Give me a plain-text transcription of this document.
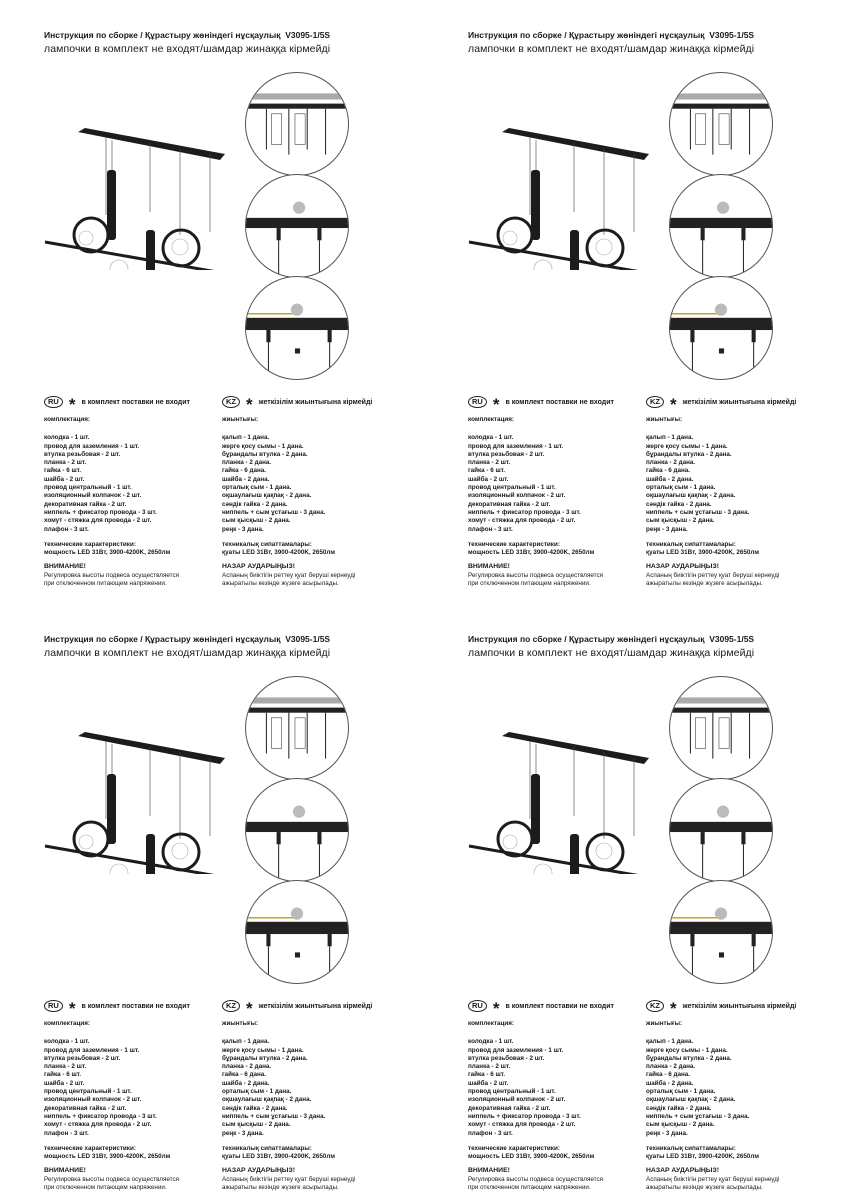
Инструкция по сборке / Құрастыру жөніндегі нұсқаулық V3095-1/5S
лампочки в комплект не входят/шамдар жинаққа кірмейді
RU * в комплект поставки не входит	KZ * жеткізілім жиынтығына кірмейді
комплектация:
колодка - 1 шт.
провод для заземления - 1 шт.
втулка резьбовая - 2 шт.
планка - 2 шт.
гайка - 6 шт.
шайба - 2 шт.
провод центральный - 1 шт.
изоляционный колпачок - 2 шт.
декоративная гайка - 2 шт.
ниппель + фиксатор провода - 3 шт.
хомут - стяжка для провода - 2 шт.
плафон - 3 шт.
технические характеристики:
мощность LED 31Вт, 3900-4200K, 2650лм
ВНИМАНИЕ!
Регулировка высоты подвеса осуществляется
при отключенном питающем напряжении.
жиынтығы:
қалып - 1 дана.
жерге қосу сымы - 1 дана.
бұрандалы втулка - 2 дана.
планка - 2 дана.
гайка - 6 дана.
шайба - 2 дана.
орталық сым - 1 дана.
оқшаулағыш қақпақ - 2 дана.
сәндік гайка - 2 дана.
ниппель + сым ұстағыш - 3 дана.
сым қысқыш - 2 дана.
реңк - 3 дана.
техникалық сипаттамалары:
қуаты LED 31Вт, 3900-4200K, 2650лм
НАЗАР АУДАРЫҢЫЗ!
Аспаның биіктігін реттеу қуат беруші кернеуді
ажыратылы кезінде жүзеге асырылады.
Инструкция по сборке / Құрастыру жөніндегі нұсқаулық V3095-1/5S
лампочки в комплект не входят/шамдар жинаққа кірмейді
RU * в комплект поставки не входит	KZ * жеткізілім жиынтығына кірмейді
комплектация:
колодка - 1 шт.
провод для заземления - 1 шт.
втулка резьбовая - 2 шт.
планка - 2 шт.
гайка - 6 шт.
шайба - 2 шт.
провод центральный - 1 шт.
изоляционный колпачок - 2 шт.
декоративная гайка - 2 шт.
ниппель + фиксатор провода - 3 шт.
хомут - стяжка для провода - 2 шт.
плафон - 3 шт.
технические характеристики:
мощность LED 31Вт, 3900-4200K, 2650лм
ВНИМАНИЕ!
Регулировка высоты подвеса осуществляется
при отключенном питающем напряжении.
жиынтығы:
қалып - 1 дана.
жерге қосу сымы - 1 дана.
бұрандалы втулка - 2 дана.
планка - 2 дана.
гайка - 6 дана.
шайба - 2 дана.
орталық сым - 1 дана.
оқшаулағыш қақпақ - 2 дана.
сәндік гайка - 2 дана.
ниппель + сым ұстағыш - 3 дана.
сым қысқыш - 2 дана.
реңк - 3 дана.
техникалық сипаттамалары:
қуаты LED 31Вт, 3900-4200K, 2650лм
НАЗАР АУДАРЫҢЫЗ!
Аспаның биіктігін реттеу қуат беруші кернеуді
ажыратылы кезінде жүзеге асырылады.
Инструкция по сборке / Құрастыру жөніндегі нұсқаулық V3095-1/5S
лампочки в комплект не входят/шамдар жинаққа кірмейді
RU * в комплект поставки не входит	KZ * жеткізілім жиынтығына кірмейді
комплектация:
колодка - 1 шт.
провод для заземления - 1 шт.
втулка резьбовая - 2 шт.
планка - 2 шт.
гайка - 6 шт.
шайба - 2 шт.
провод центральный - 1 шт.
изоляционный колпачок - 2 шт.
декоративная гайка - 2 шт.
ниппель + фиксатор провода - 3 шт.
хомут - стяжка для провода - 2 шт.
плафон - 3 шт.
технические характеристики:
мощность LED 31Вт, 3900-4200K, 2650лм
ВНИМАНИЕ!
Регулировка высоты подвеса осуществляется
при отключенном питающем напряжении.
жиынтығы:
қалып - 1 дана.
жерге қосу сымы - 1 дана.
бұрандалы втулка - 2 дана.
планка - 2 дана.
гайка - 6 дана.
шайба - 2 дана.
орталық сым - 1 дана.
оқшаулағыш қақпақ - 2 дана.
сәндік гайка - 2 дана.
ниппель + сым ұстағыш - 3 дана.
сым қысқыш - 2 дана.
реңк - 3 дана.
техникалық сипаттамалары:
қуаты LED 31Вт, 3900-4200K, 2650лм
НАЗАР АУДАРЫҢЫЗ!
Аспаның биіктігін реттеу қуат беруші кернеуді
ажыратылы кезінде жүзеге асырылады.
Инструкция по сборке / Құрастыру жөніндегі нұсқаулық V3095-1/5S
лампочки в комплект не входят/шамдар жинаққа кірмейді
RU * в комплект поставки не входит	KZ * жеткізілім жиынтығына кірмейді
комплектация:
колодка - 1 шт.
провод для заземления - 1 шт.
втулка резьбовая - 2 шт.
планка - 2 шт.
гайка - 6 шт.
шайба - 2 шт.
провод центральный - 1 шт.
изоляционный колпачок - 2 шт.
декоративная гайка - 2 шт.
ниппель + фиксатор провода - 3 шт.
хомут - стяжка для провода - 2 шт.
плафон - 3 шт.
технические характеристики:
мощность LED 31Вт, 3900-4200K, 2650лм
ВНИМАНИЕ!
Регулировка высоты подвеса осуществляется
при отключенном питающем напряжении.
жиынтығы:
қалып - 1 дана.
жерге қосу сымы - 1 дана.
бұрандалы втулка - 2 дана.
планка - 2 дана.
гайка - 6 дана.
шайба - 2 дана.
орталық сым - 1 дана.
оқшаулағыш қақпақ - 2 дана.
сәндік гайка - 2 дана.
ниппель + сым ұстағыш - 3 дана.
сым қысқыш - 2 дана.
реңк - 3 дана.
техникалық сипаттамалары:
қуаты LED 31Вт, 3900-4200K, 2650лм
НАЗАР АУДАРЫҢЫЗ!
Аспаның биіктігін реттеу қуат беруші кернеуді
ажыратылы кезінде жүзеге асырылады.
